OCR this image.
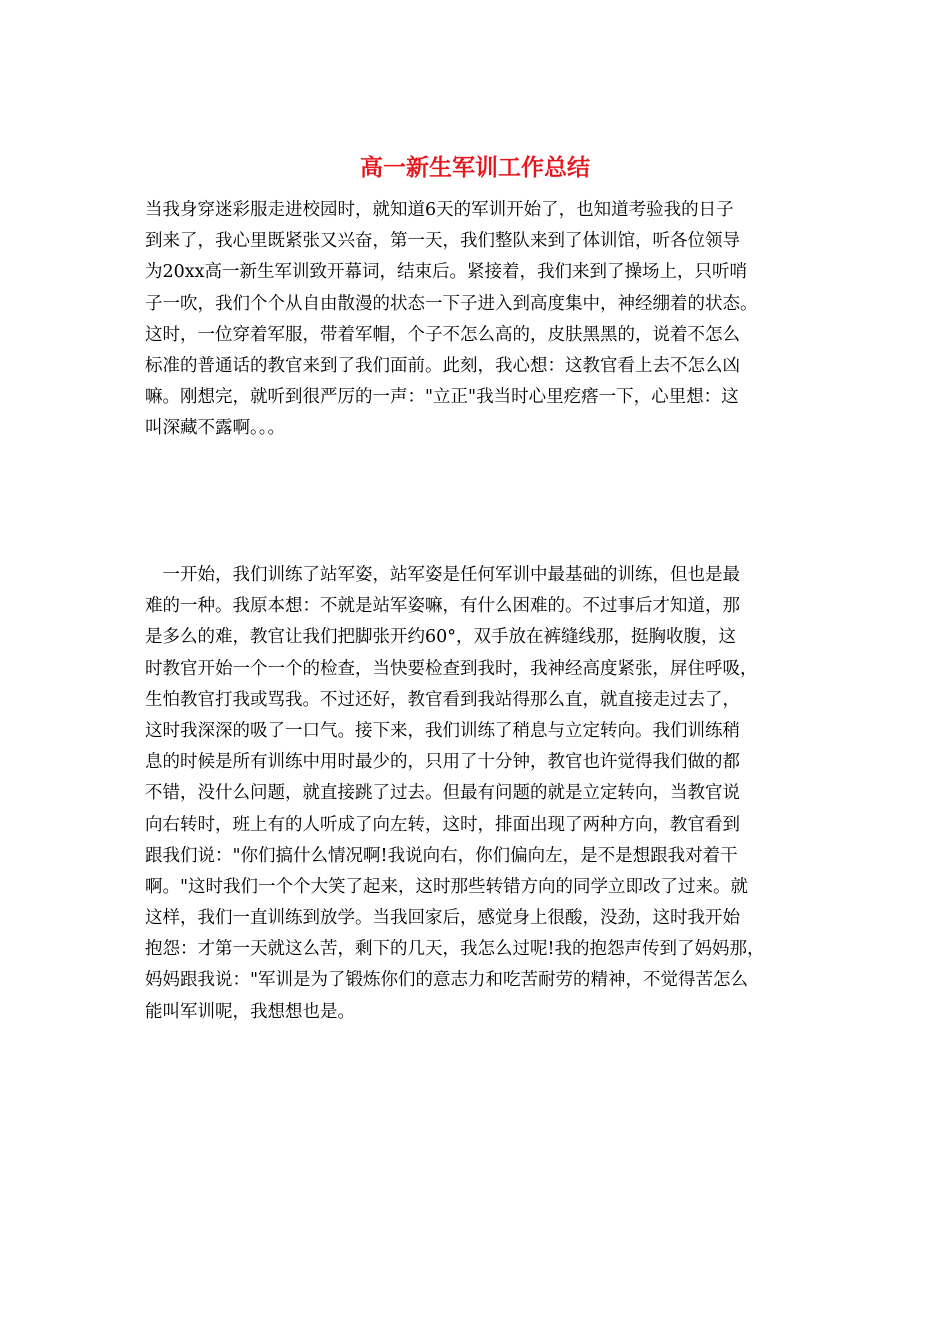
高一新生军训工作总结
当我身穿迷彩服走进校园时，就知道6天的军训开始了，也知道考验我的日子
到来了，我心里既紧张又兴奋，第一天，我们整队来到了体训馆，听各位领导
为20xx高一新生军训致开幕词，结束后。紧接着，我们来到了操场上，只听哨
子一吹，我们个个从自由散漫的状态一下子进入到高度集中，神经绷着的状态。
这时，一位穿着军服，带着军帽，个子不怎么高的，皮肤黑黑的，说着不怎么
标准的普通话的教官来到了我们面前。此刻，我心想：这教官看上去不怎么凶
嘛。刚想完，就听到很严厉的一声："立正"我当时心里疙瘩一下，心里想：这
叫深藏不露啊。。。
　一开始，我们训练了站军姿，站军姿是任何军训中最基础的训练，但也是最
难的一种。我原本想：不就是站军姿嘛，有什么困难的。不过事后才知道，那
是多么的难，教官让我们把脚张开约60°，双手放在裤缝线那，挺胸收腹，这
时教官开始一个一个的检查，当快要检查到我时，我神经高度紧张，屏住呼吸，
生怕教官打我或骂我。不过还好，教官看到我站得那么直，就直接走过去了，
这时我深深的吸了一口气。接下来，我们训练了稍息与立定转向。我们训练稍
息的时候是所有训练中用时最少的，只用了十分钟，教官也许觉得我们做的都
不错，没什么问题，就直接跳了过去。但最有问题的就是立定转向，当教官说
向右转时，班上有的人听成了向左转，这时，排面出现了两种方向，教官看到
跟我们说："你们搞什么情况啊!我说向右，你们偏向左，是不是想跟我对着干
啊。"这时我们一个个大笑了起来，这时那些转错方向的同学立即改了过来。就
这样，我们一直训练到放学。当我回家后，感觉身上很酸，没劲，这时我开始
抱怨：才第一天就这么苦，剩下的几天，我怎么过呢!我的抱怨声传到了妈妈那，
妈妈跟我说："军训是为了锻炼你们的意志力和吃苦耐劳的精神，不觉得苦怎么
能叫军训呢，我想想也是。
